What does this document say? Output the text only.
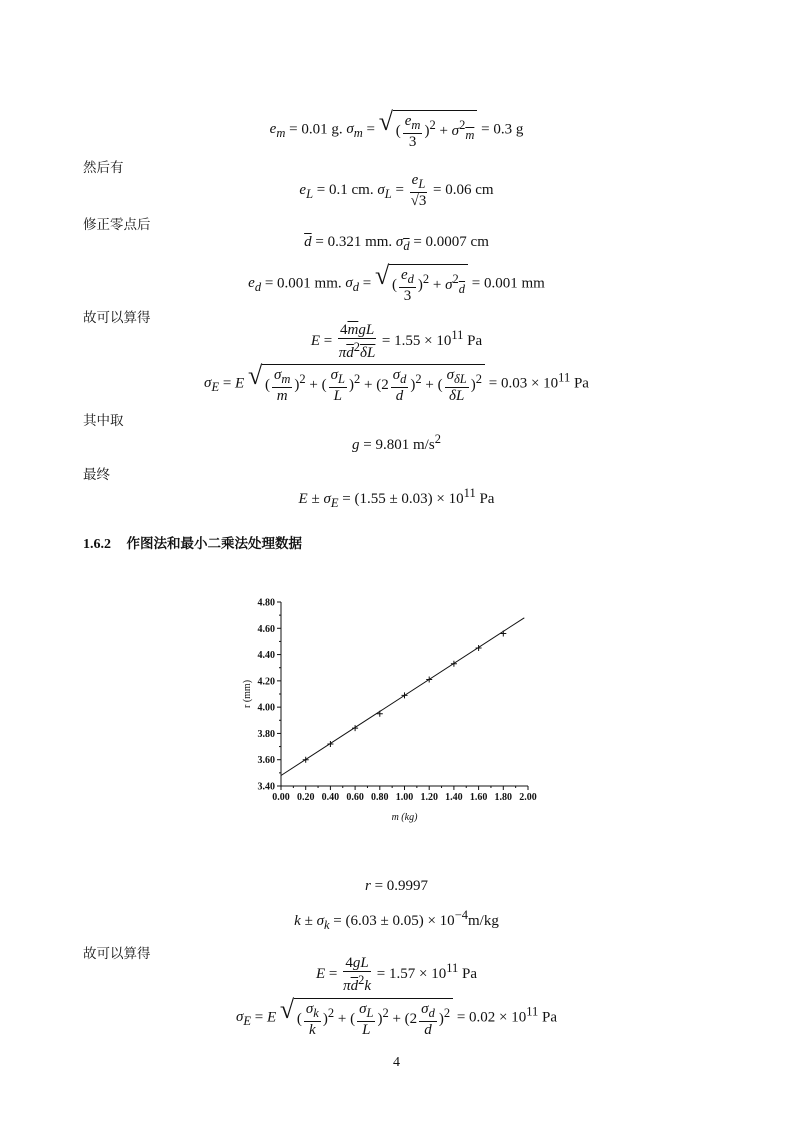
$e_m = 0.01$ g. $\sigma_m$ = √ ( $\frac{e_m}{3} )^2 + \sigma^2_{\overline{m}} = 0.3$ g
然后有
$e_L = 0.1$ cm. $\sigma_L = \frac{e_L}{√3} = 0.06$ cm
修正零点后
$\overline{d} = 0.321$ mm. $\sigma_{\overline{d}} = 0.0007$ cm
$e_d = 0.001$ mm. $\sigma_d$ = √ ( $\frac{e_d}{3} )^2 + \sigma^2_{\overline{d}} = 0.001$ mm
故可以算得
$E = \frac{4\overline{m}gL}{\pi\overline{d}^2\overline{\delta L}} = 1.55 \times 10^{11}$ Pa
$\sigma_E = E$ √ ( $\frac{\sigma_m}{m} )^2$ + ( $\frac{\sigma_L}{L} )^2 + (2 \frac{\sigma_d}{d} )^2$ + ( $\frac{\sigma_{\delta L}}{\delta L} )^2 = 0.03 \times 10^{11}$ Pa
其中取
g = 9.801 $m/s^2$
最终
$E \pm \sigma_E = (1.55 \pm 0.03) \times 10^{11}$ Pa
1.6.2 作图法和最小二乘法处理数据
0.00 0.20 0.40 0.60 0.80 1.00 1.20 1.40 1.60 1.80 2.00
3.40
3.60
3.80
4.00
4.20
4.40
4.60
4.80
m (kg)
r (mm)
r = 0.9997
$k \pm \sigma_k = (6.03 \pm 0.05) \times 10^{-4}m/kg$
故可以算得
$E = \frac{4gL}{\pi\overline{d}^2k} = 1.57 \times 10^{11}$ Pa
$\sigma_E = E$ √ ( $\frac{\sigma_k}{k} )^2$ + ( $\frac{\sigma_L}{L} )^2 + (2 \frac{\sigma_d}{d} )^2 = 0.02 \times 10^{11}$ Pa
4
